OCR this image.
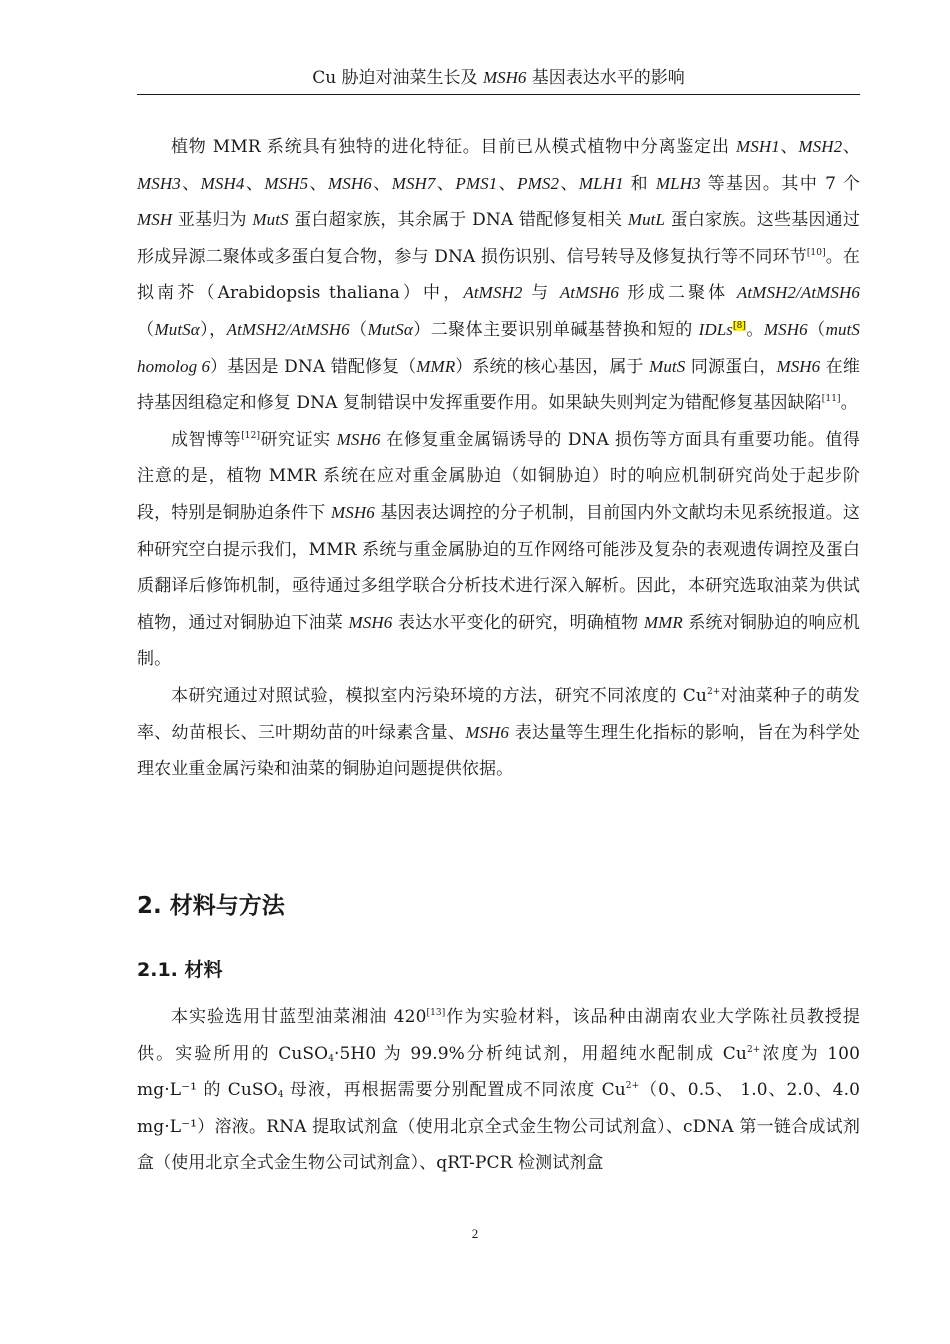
Cu 胁迫对油菜生长及 MSH6 基因表达水平的影响

植物 MMR 系统具有独特的进化特征。目前已从模式植物中分离鉴定出 MSH1、MSH2、MSH3、MSH4、MSH5、MSH6、MSH7、PMS1、PMS2、MLH1 和 MLH3 等基因。其中 7 个 MSH 亚基归为 MutS 蛋白超家族，其余属于 DNA 错配修复相关 MutL 蛋白家族。这些基因通过形成异源二聚体或多蛋白复合物，参与 DNA 损伤识别、信号转导及修复执行等不同环节[10]。在拟南芥（Arabidopsis thaliana）中，AtMSH2 与 AtMSH6 形成二聚体 AtMSH2/AtMSH6（MutSα），AtMSH2/AtMSH6（MutSα）二聚体主要识别单碱基替换和短的 IDLs[8]。MSH6（mutS homolog 6）基因是 DNA 错配修复（MMR）系统的核心基因，属于 MutS 同源蛋白，MSH6 在维持基因组稳定和修复 DNA 复制错误中发挥重要作用。如果缺失则判定为错配修复基因缺陷[11]。

成智博等[12]研究证实 MSH6 在修复重金属镉诱导的 DNA 损伤等方面具有重要功能。值得注意的是，植物 MMR 系统在应对重金属胁迫（如铜胁迫）时的响应机制研究尚处于起步阶段，特别是铜胁迫条件下 MSH6 基因表达调控的分子机制，目前国内外文献均未见系统报道。这种研究空白提示我们，MMR 系统与重金属胁迫的互作网络可能涉及复杂的表观遗传调控及蛋白质翻译后修饰机制，亟待通过多组学联合分析技术进行深入解析。因此，本研究选取油菜为供试植物，通过对铜胁迫下油菜 MSH6 表达水平变化的研究，明确植物 MMR 系统对铜胁迫的响应机制。

本研究通过对照试验，模拟室内污染环境的方法，研究不同浓度的 $Cu^{2+}$对油菜种子的萌发率、幼苗根长、三叶期幼苗的叶绿素含量、MSH6 表达量等生理生化指标的影响，旨在为科学处理农业重金属污染和油菜的铜胁迫问题提供依据。

2. 材料与方法
2.1. 材料

本实验选用甘蓝型油菜湘油 420[13]作为实验材料，该品种由湖南农业大学陈社员教授提供。实验所用的 CuSO$_4$·5H0 为 99.9%分析纯试剂，用超纯水配制成 $Cu^{2+}$浓度为 100 mg·L⁻¹ 的 CuSO$_4$ 母液，再根据需要分别配置成不同浓度 $Cu^{2+}(0$、0.5、 1.0、2.0、4.0 mg·L⁻¹）溶液。RNA 提取试剂盒（使用北京全式金生物公司试剂盒）、cDNA 第一链合成试剂盒（使用北京全式金生物公司试剂盒）、qRT-PCR 检测试剂盒

2
